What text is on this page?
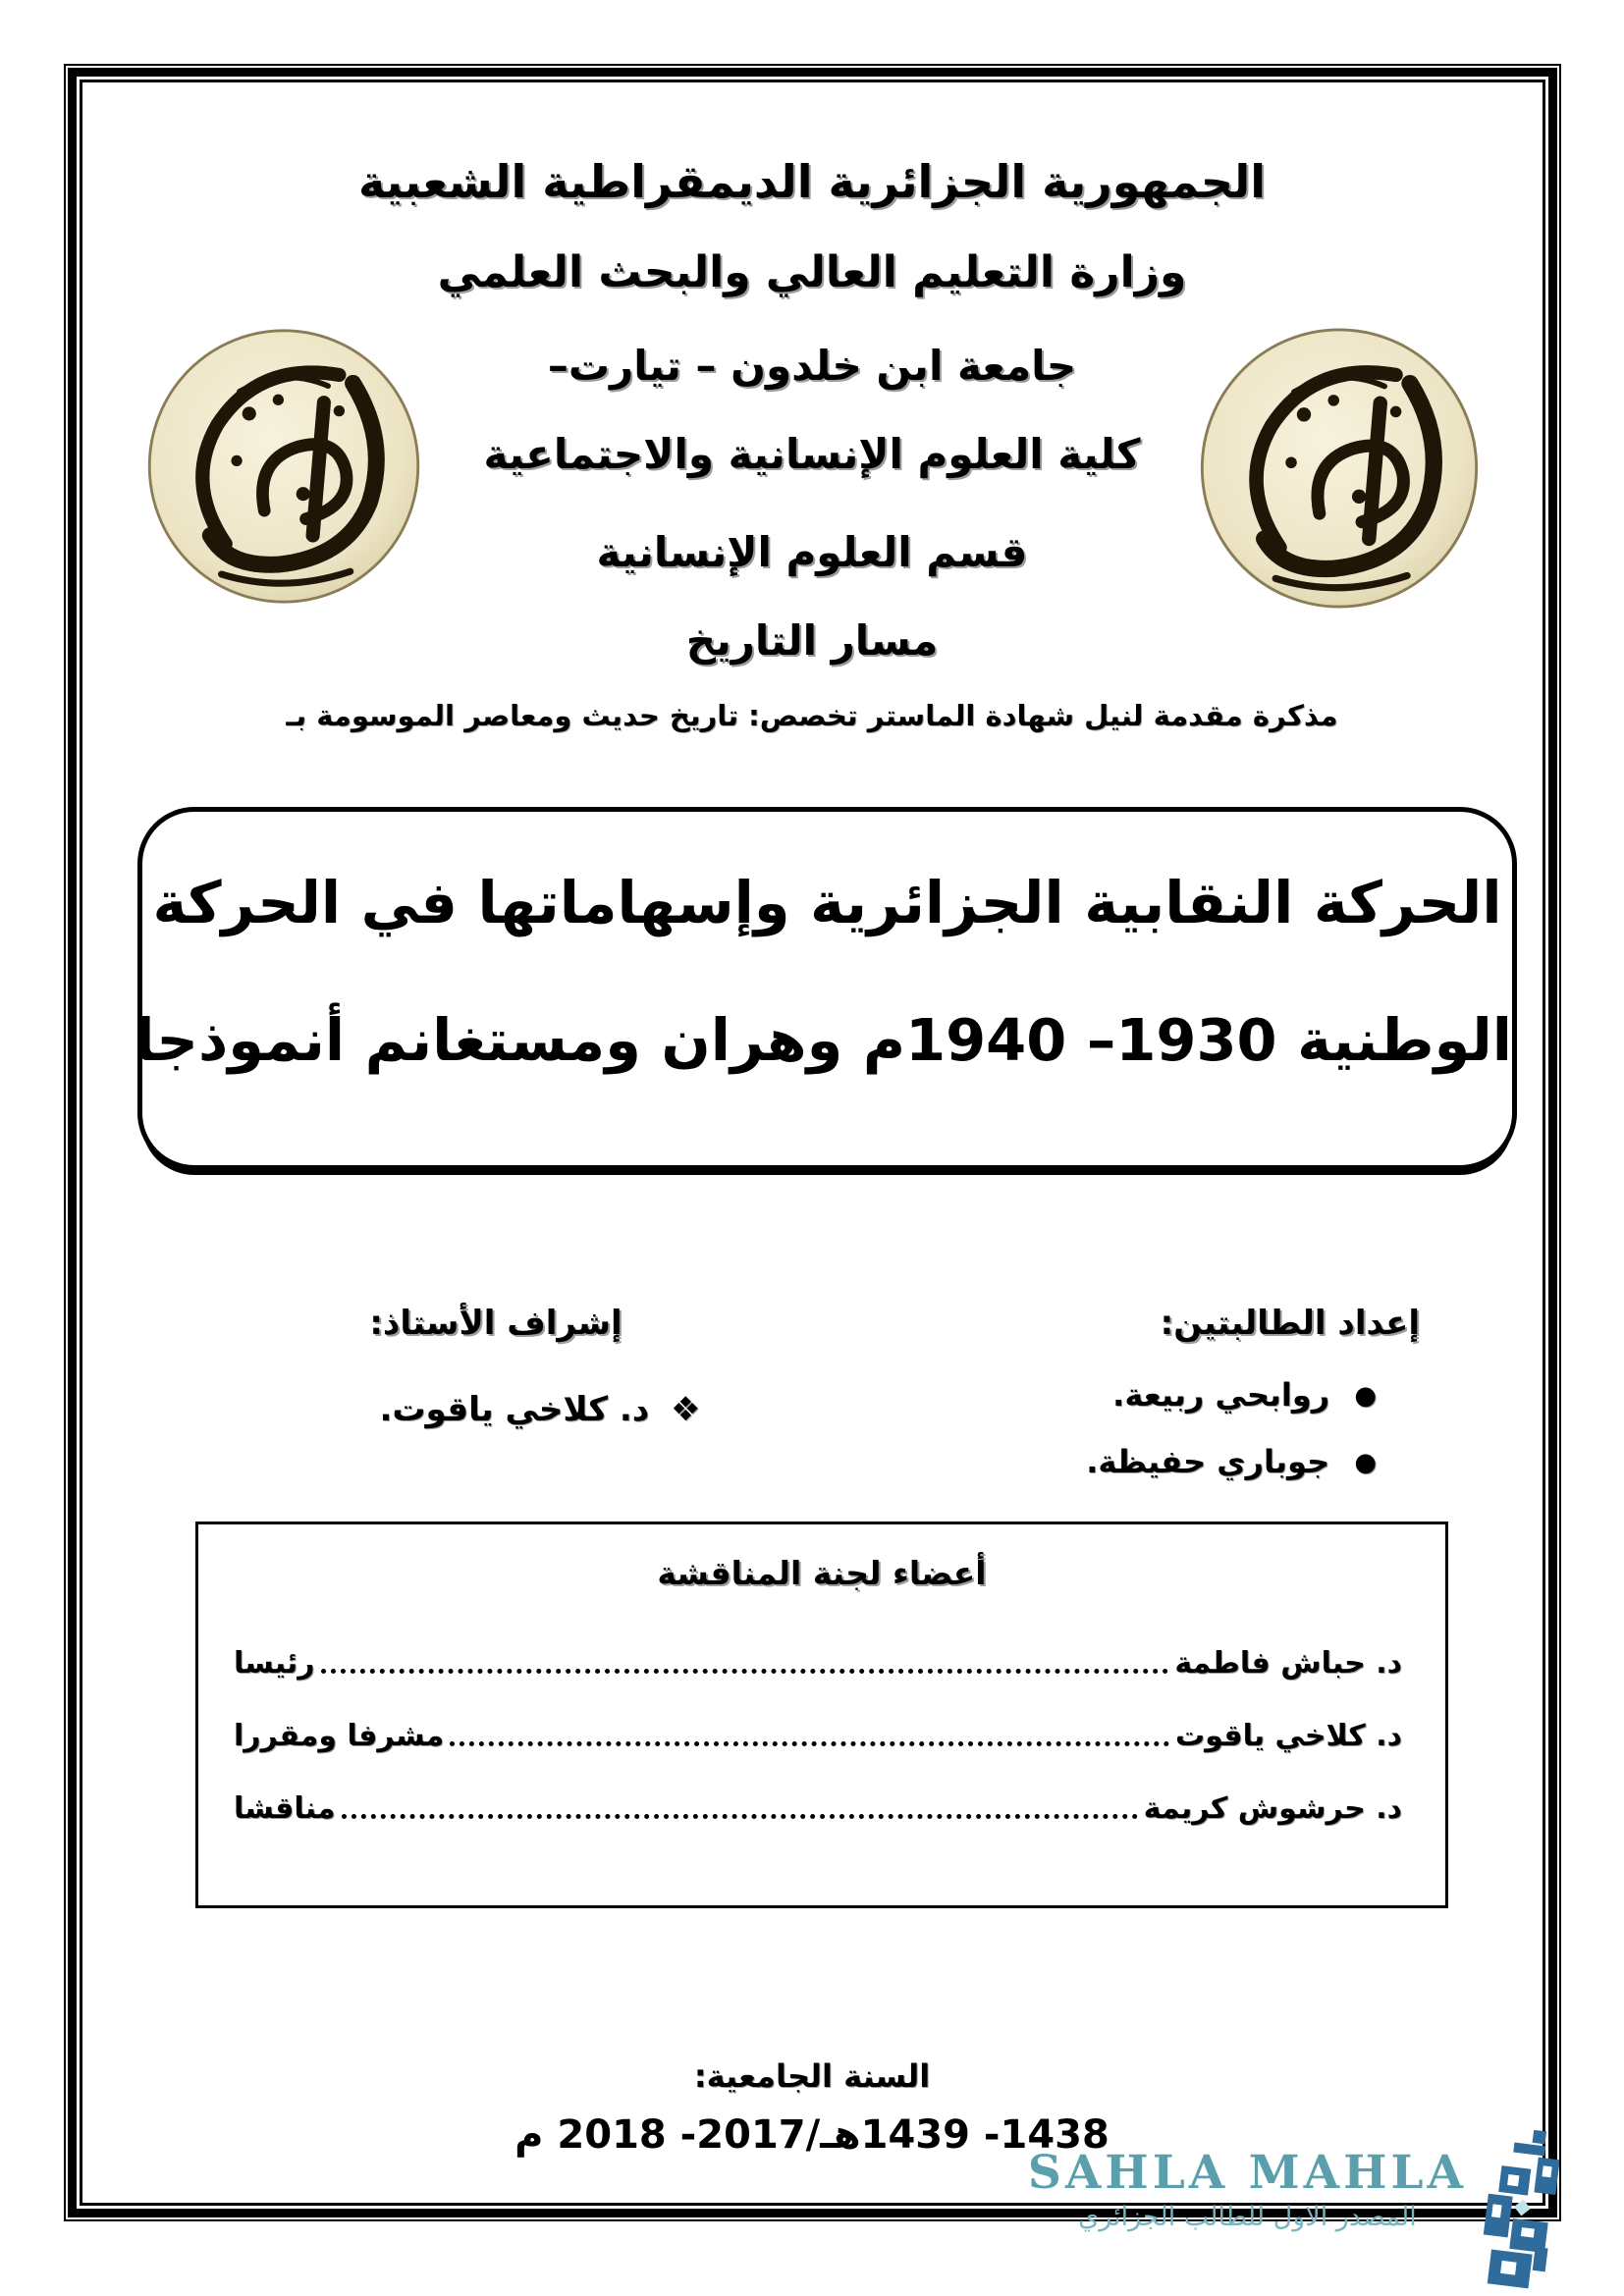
الجمهورية الجزائرية الديمقراطية الشعبية
وزارة التعليم العالي والبحث العلمي
جامعة ابن خلدون – تيارت–
كلية العلوم الإنسانية والاجتماعية
قسم العلوم الإنسانية
مسار التاريخ
مذكرة مقدمة لنيل شهادة الماستر تخصص: تاريخ حديث ومعاصر الموسومة بـ
الحركة النقابية الجزائرية وإسهاماتها في الحركة
الوطنية 1930– 1940م وهران ومستغانم أنموذجا
إعداد الطالبتين:
● روابحي ربيعة.
● جوباري حفيظة.
إشراف الأستاذ:
❖ د. كلاخي ياقوت.
أعضاء لجنة المناقشة
د. حباش فاطمة
رئيسا
د. كلاخي ياقوت
مشرفا ومقررا
د. حرشوش كريمة
مناقشا
السنة الجامعية:
1438- 1439هـ/2017- 2018 م
SAHLA MAHLA
المصدر الاول للطالب الجزائري
